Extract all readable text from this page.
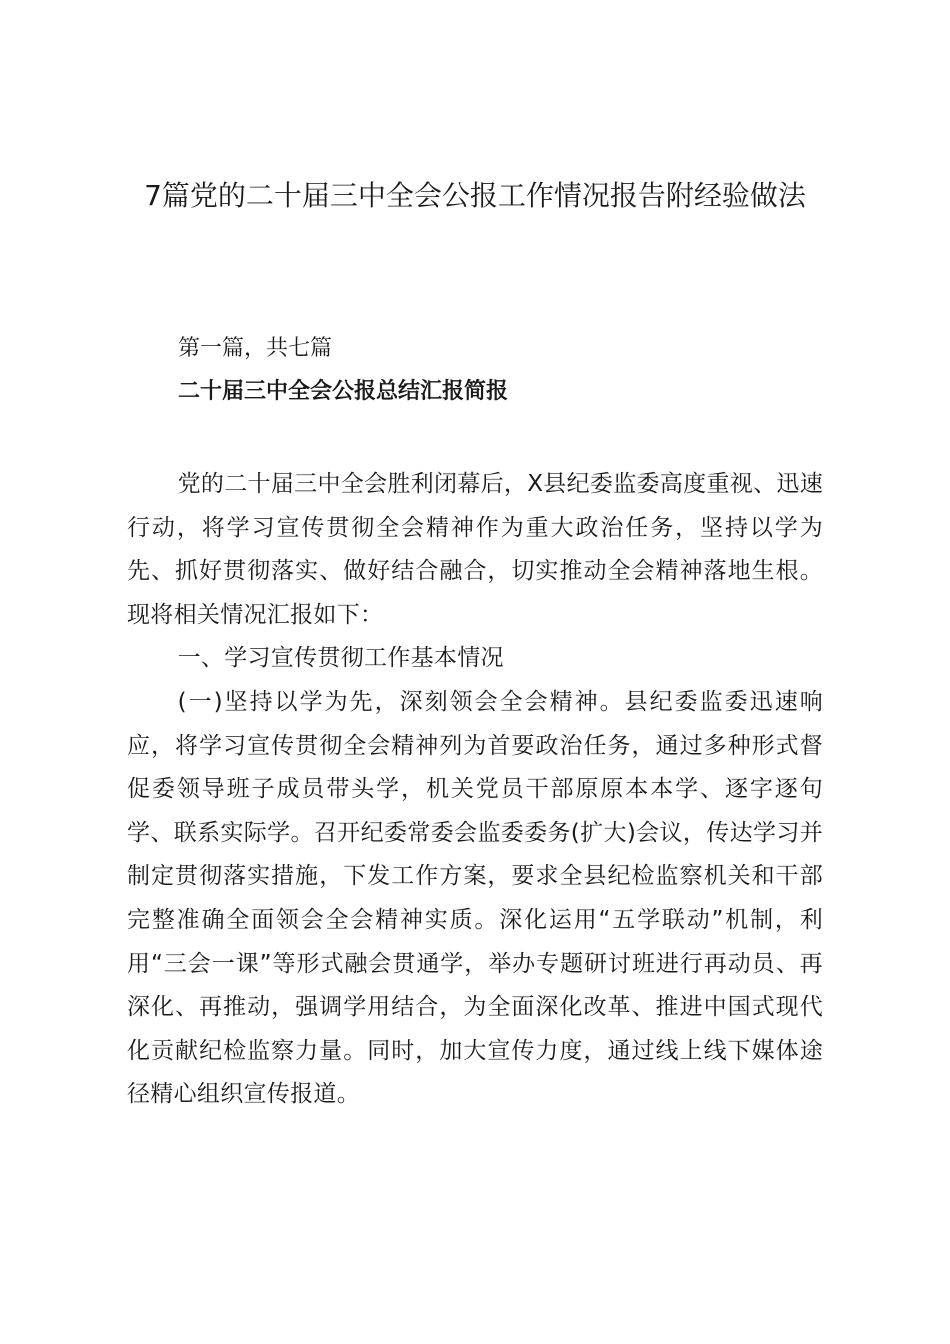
7篇党的二十届三中全会公报工作情况报告附经验做法
第一篇，共七篇
二十届三中全会公报总结汇报简报

党的二十届三中全会胜利闭幕后，X县纪委监委高度重视、迅速行动，将学习宣传贯彻全会精神作为重大政治任务，坚持以学为先、抓好贯彻落实、做好结合融合，切实推动全会精神落地生根。现将相关情况汇报如下：

一、学习宣传贯彻工作基本情况

(一)坚持以学为先，深刻领会全会精神。县纪委监委迅速响应，将学习宣传贯彻全会精神列为首要政治任务，通过多种形式督促委领导班子成员带头学，机关党员干部原原本本学、逐字逐句学、联系实际学。召开纪委常委会监委委务(扩大)会议，传达学习并制定贯彻落实措施，下发工作方案，要求全县纪检监察机关和干部完整准确全面领会全会精神实质。深化运用“五学联动”机制，利用“三会一课”等形式融会贯通学，举办专题研讨班进行再动员、再深化、再推动，强调学用结合，为全面深化改革、推进中国式现代化贡献纪检监察力量。同时，加大宣传力度，通过线上线下媒体途径精心组织宣传报道。
